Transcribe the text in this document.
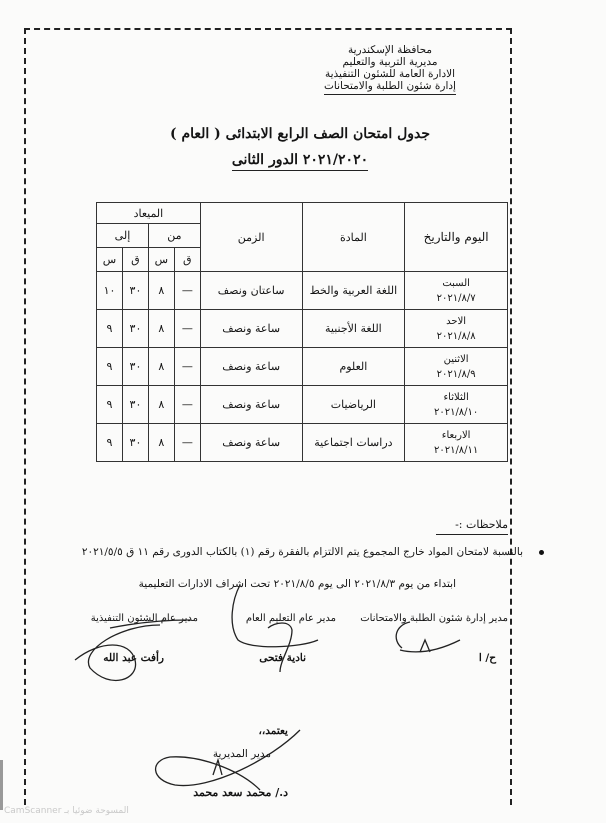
محافظة الإسكندرية
مديرية التربية والتعليم
الادارة العامة للشئون التنفيذية
إدارة شئون الطلبة والامتحانات
جدول امتحان الصف الرابع الابتدائى ( العام )
٢٠٢١/٢٠٢٠ الدور الثانى
اليوم والتاريخ	المادة	الزمن	الميعاد			
			من		إلى	
			ق	س	ق	س

السبت
٢٠٢١/٨/٧	اللغة العربية والخط	ساعتان ونصف	—	٨	٣٠	١٠

الاحد
٢٠٢١/٨/٨	اللغة الأجنبية	ساعة ونصف	—	٨	٣٠	٩

الاثنين
٢٠٢١/٨/٩	العلوم	ساعة ونصف	—	٨	٣٠	٩

الثلاثاء
٢٠٢١/٨/١٠	الرياضيات	ساعة ونصف	—	٨	٣٠	٩

الاربعاء
٢٠٢١/٨/١١	دراسات اجتماعية	ساعة ونصف	—	٨	٣٠	٩
ملاحظات :-
بالنسبة لامتحان المواد خارج المجموع يتم الالتزام بالفقرة رقم (١) بالكتاب الدورى رقم ١١ ق ٢٠٢١/٥/٥
ابتداء من يوم ٢٠٢١/٨/٣ الى يوم ٢٠٢١/٨/٥ تحت اشراف الادارات التعليمية
مدير إدارة شئون الطلبة والامتحانات
مدير عام التعليم العام
مدير عام الشئون التنفيذية
ح/ ا
نادية فتحى
رأفت عبد الله
يعتمد،،
مدير المديرية
د./ محمد سعد محمد
CamScanner المسوحة ضوئيا بـ
